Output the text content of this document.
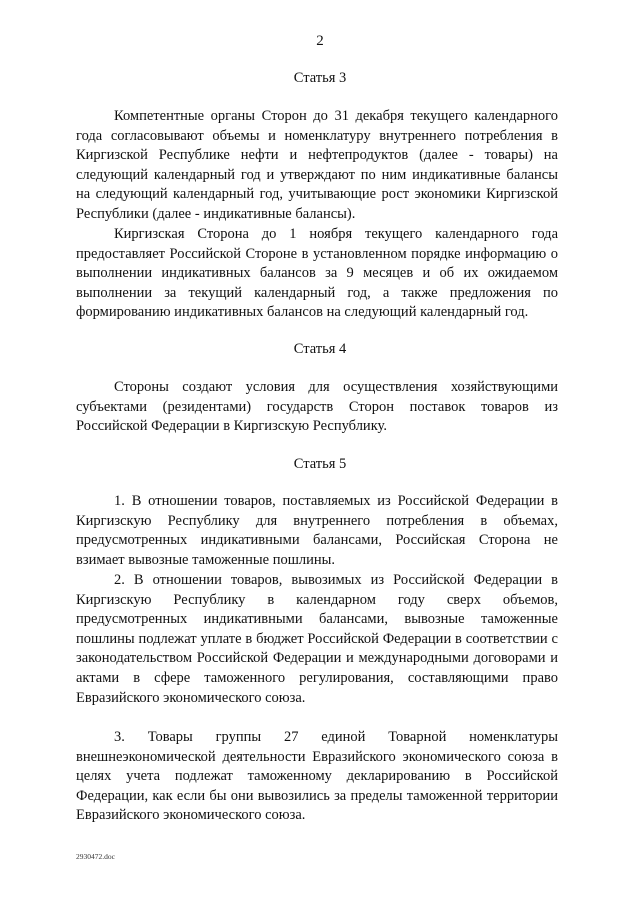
2
Статья 3

Компетентные органы Сторон до 31 декабря текущего календарного года согласовывают объемы и номенклатуру внутреннего потребления в Киргизской Республике нефти и нефтепродуктов (далее - товары) на следующий календарный год и утверждают по ним индикативные балансы на следующий календарный год, учитывающие рост экономики Киргизской Республики (далее - индикативные балансы).

Киргизская Сторона до 1 ноября текущего календарного года предоставляет Российской Стороне в установленном порядке информацию о выполнении индикативных балансов за 9 месяцев и об их ожидаемом выполнении за текущий календарный год, а также предложения по формированию индикативных балансов на следующий календарный год.

Статья 4

Стороны создают условия для осуществления хозяйствующими субъектами (резидентами) государств Сторон поставок товаров из Российской Федерации в Киргизскую Республику.

Статья 5

1. В отношении товаров, поставляемых из Российской Федерации в Киргизскую Республику для внутреннего потребления в объемах, предусмотренных индикативными балансами, Российская Сторона не взимает вывозные таможенные пошлины.

2. В отношении товаров, вывозимых из Российской Федерации в Киргизскую Республику в календарном году сверх объемов, предусмотренных индикативными балансами, вывозные таможенные пошлины подлежат уплате в бюджет Российской Федерации в соответствии с законодательством Российской Федерации и международными договорами и актами в сфере таможенного регулирования, составляющими право Евразийского экономического союза.

3. Товары группы 27 единой Товарной номенклатуры внешнеэкономической деятельности Евразийского экономического союза в целях учета подлежат таможенному декларированию в Российской Федерации, как если бы они вывозились за пределы таможенной территории Евразийского экономического союза.

2930472.doc
